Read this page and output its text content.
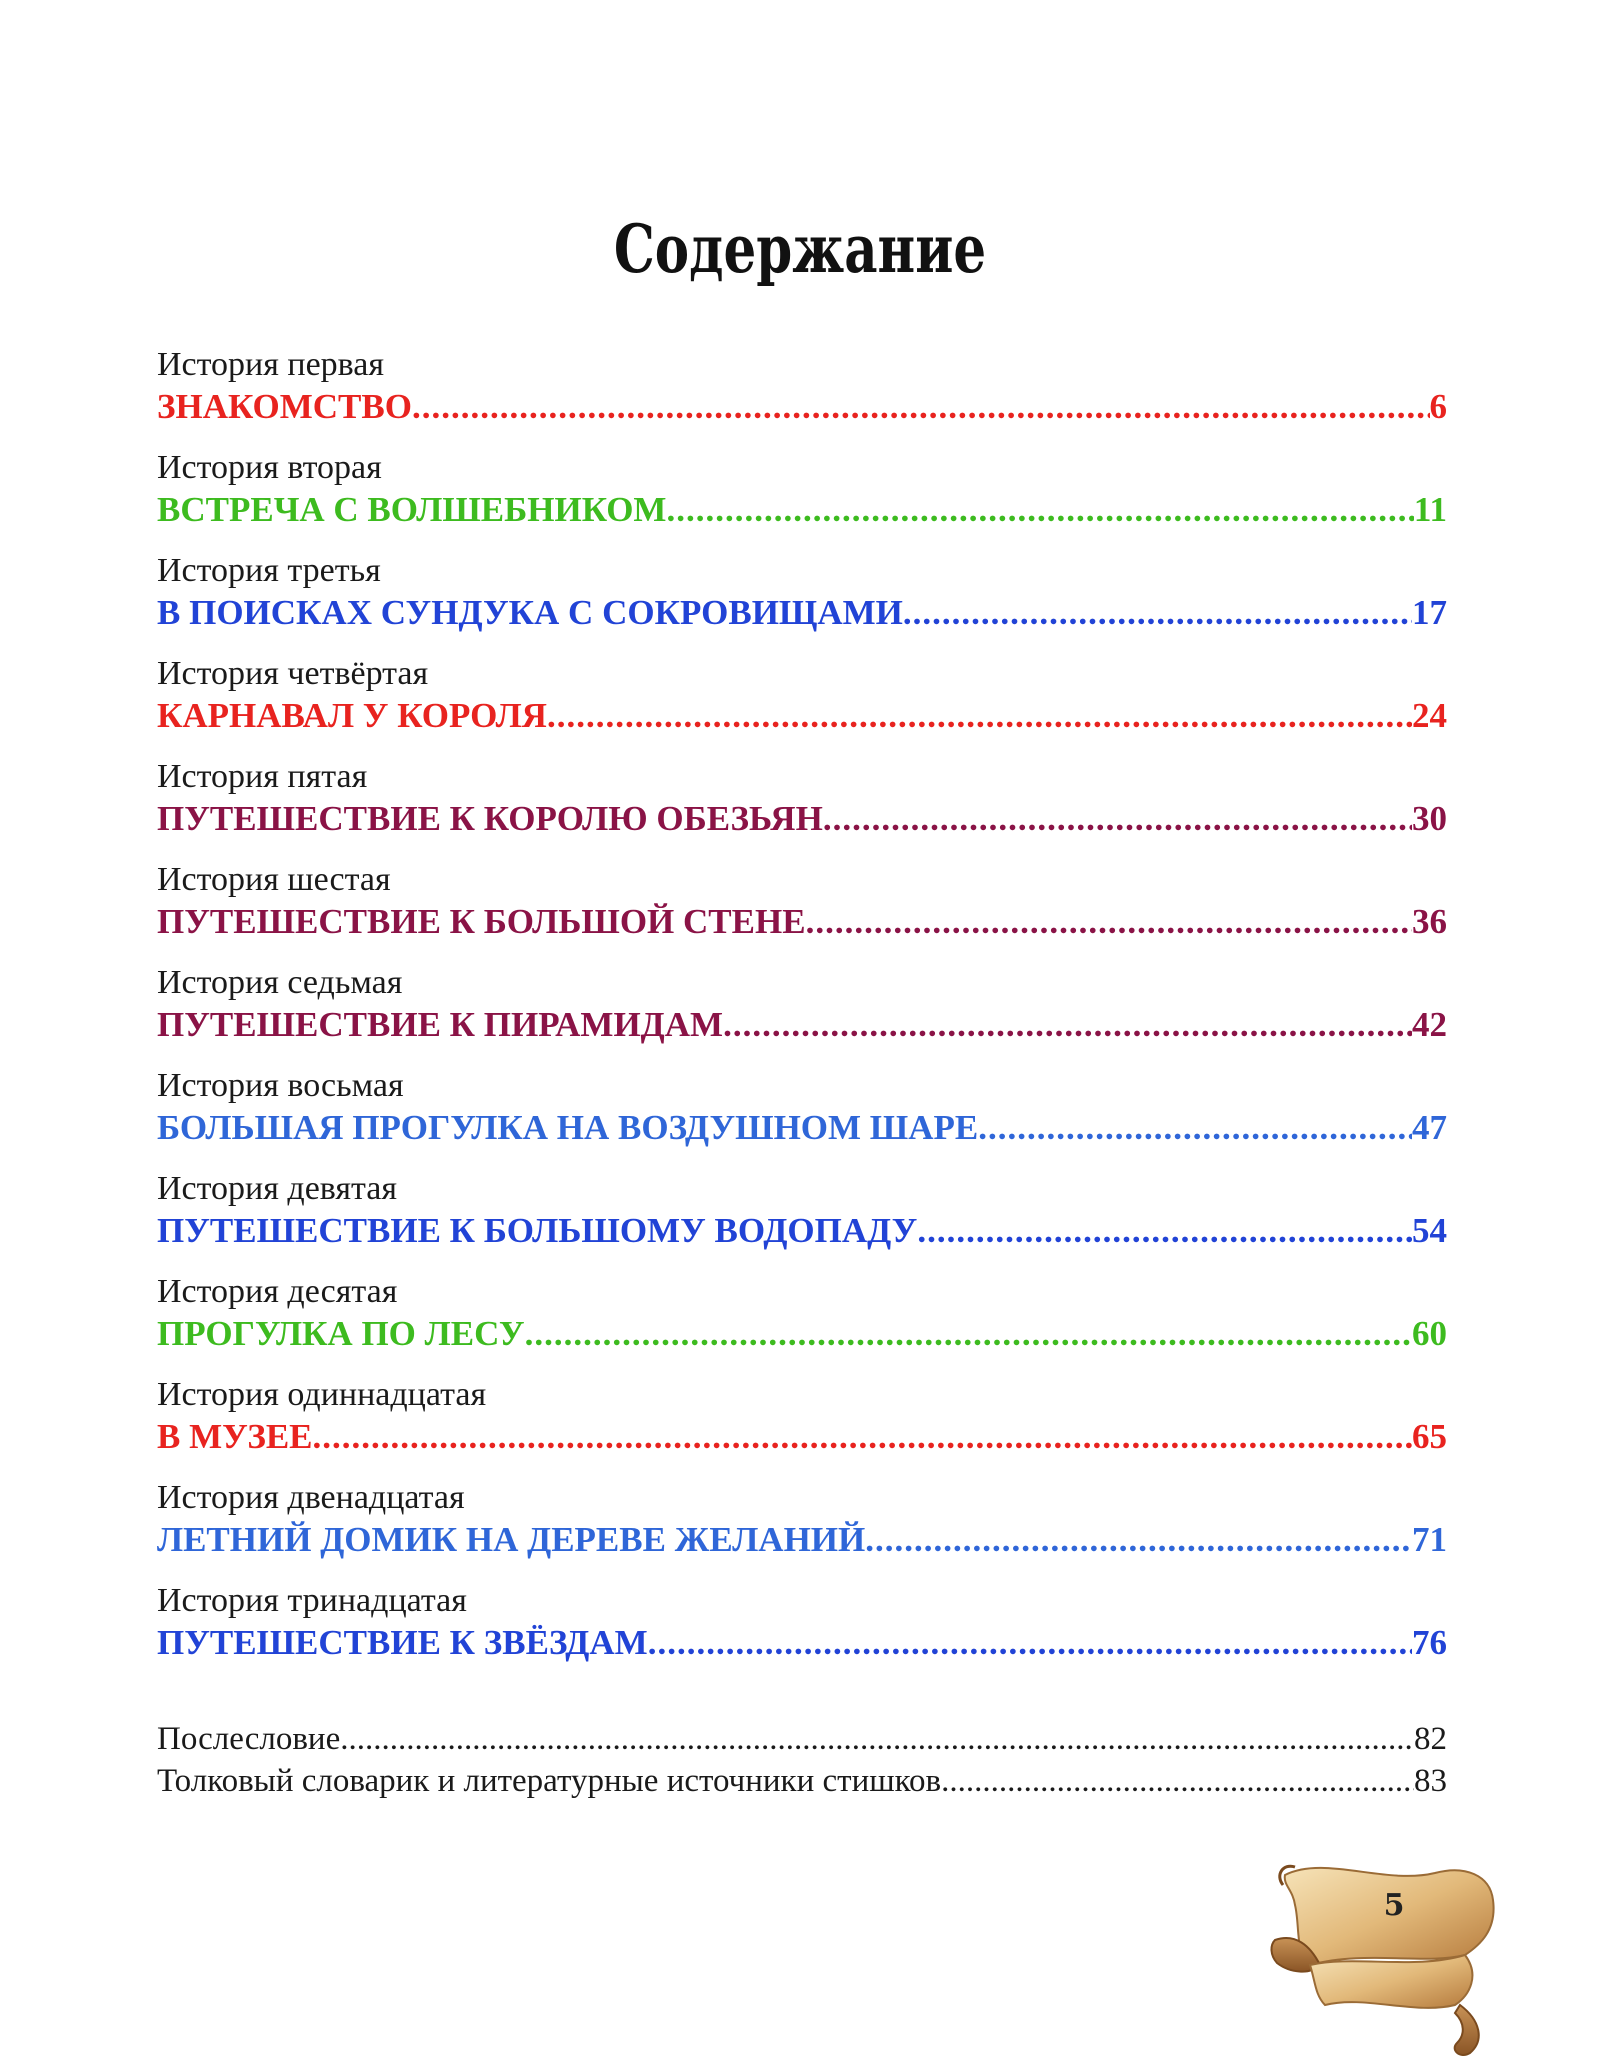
Содержание
История первая
ЗНАКОМСТВО .....	6
История вторая
ВСТРЕЧА С ВОЛШЕБНИКОМ .....	11
История третья
В ПОИСКАХ СУНДУКА С СОКРОВИЩАМИ .....	17
История четвёртая
КАРНАВАЛ У КОРОЛЯ .....	24
История пятая
ПУТЕШЕСТВИЕ К КОРОЛЮ ОБЕЗЬЯН .....	30
История шестая
ПУТЕШЕСТВИЕ К БОЛЬШОЙ СТЕНЕ .....	36
История седьмая
ПУТЕШЕСТВИЕ К ПИРАМИДАМ .....	42
История восьмая
БОЛЬШАЯ ПРОГУЛКА НА ВОЗДУШНОМ ШАРЕ .....	47
История девятая
ПУТЕШЕСТВИЕ К БОЛЬШОМУ ВОДОПАДУ .....	54
История десятая
ПРОГУЛКА ПО ЛЕСУ .....	60
История одиннадцатая
В МУЗЕЕ .....	65
История двенадцатая
ЛЕТНИЙ ДОМИК НА ДЕРЕВЕ ЖЕЛАНИЙ .....	71
История тринадцатая
ПУТЕШЕСТВИЕ К ЗВЁЗДАМ .....	76
Послесловие .....	82
Толковый словарик и литературные источники стишков .....	83
5
